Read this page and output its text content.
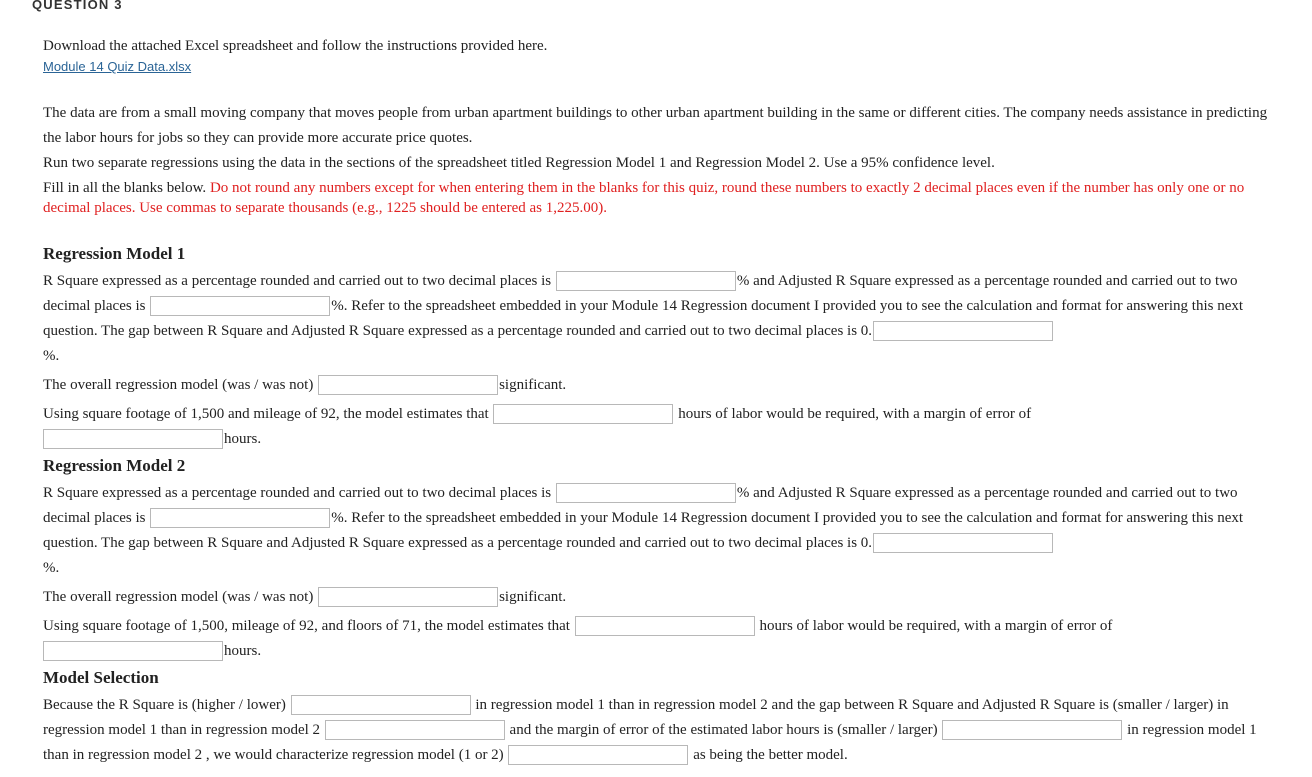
QUESTION 3
Download the attached Excel spreadsheet and follow the instructions provided here.
Module 14 Quiz Data.xlsx
The data are from a small moving company that moves people from urban apartment buildings to other urban apartment building in the same or different cities. The company needs assistance in predicting the labor hours for jobs so they can provide more accurate price quotes.
Run two separate regressions using the data in the sections of the spreadsheet titled Regression Model 1 and Regression Model 2. Use a 95% confidence level.
Fill in all the blanks below. Do not round any numbers except for when entering them in the blanks for this quiz, round these numbers to exactly 2 decimal places even if the number has only one or no decimal places. Use commas to separate thousands (e.g., 1225 should be entered as 1,225.00).
Regression Model 1
R Square expressed as a percentage rounded and carried out to two decimal places is	% and Adjusted R Square expressed as a percentage rounded and carried out to two decimal places is	%. Refer to the spreadsheet embedded in your Module 14 Regression document I provided you to see the calculation and format for answering this next question. The gap between R Square and Adjusted R Square expressed as a percentage rounded and carried out to two decimal places is 0.
%.
The overall regression model (was / was not)	significant.
Using square footage of 1,500 and mileage of 92, the model estimates that	hours of labor would be required, with a margin of error of
hours.
Regression Model 2
R Square expressed as a percentage rounded and carried out to two decimal places is	% and Adjusted R Square expressed as a percentage rounded and carried out to two decimal places is	%. Refer to the spreadsheet embedded in your Module 14 Regression document I provided you to see the calculation and format for answering this next question. The gap between R Square and Adjusted R Square expressed as a percentage rounded and carried out to two decimal places is 0.
%.
The overall regression model (was / was not)	significant.
Using square footage of 1,500, mileage of 92, and floors of 71, the model estimates that	hours of labor would be required, with a margin of error of
hours.
Model Selection
Because the R Square is (higher / lower)	in regression model 1 than in regression model 2 and the gap between R Square and Adjusted R Square is (smaller / larger) in regression model 1 than in regression model 2	and the margin of error of the estimated labor hours is (smaller / larger)	in regression model 1 than in regression model 2 , we would characterize regression model (1 or 2)	as being the better model.
